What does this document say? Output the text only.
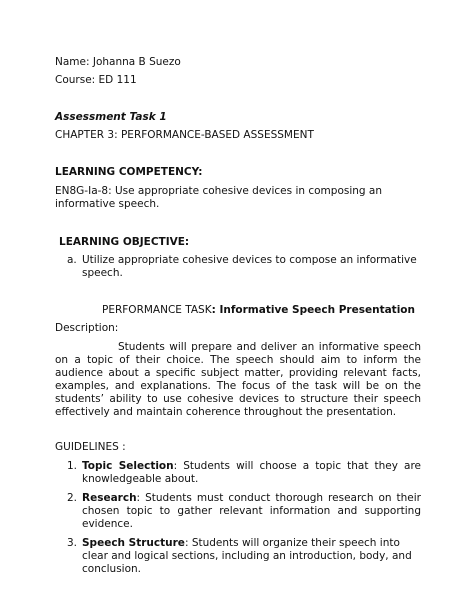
Name: Johanna B Suezo
Course: ED 111
Assessment Task 1
CHAPTER 3: PERFORMANCE-BASED ASSESSMENT
LEARNING COMPETENCY:
EN8G-Ia-8: Use appropriate cohesive devices in composing an informative speech.
LEARNING OBJECTIVE:
a. Utilize appropriate cohesive devices to compose an informative speech.
PERFORMANCE TASK: Informative Speech Presentation
Description:
Students will prepare and deliver an informative speech on a topic of their choice. The speech should aim to inform the audience about a specific subject matter, providing relevant facts, examples, and explanations. The focus of the task will be on the students’ ability to use cohesive devices to structure their speech effectively and maintain coherence throughout the presentation.
GUIDELINES :
1. Topic Selection: Students will choose a topic that they are knowledgeable about.
2. Research: Students must conduct thorough research on their chosen topic to gather relevant information and supporting evidence.
3. Speech Structure: Students will organize their speech into clear and logical sections, including an introduction, body, and conclusion.
